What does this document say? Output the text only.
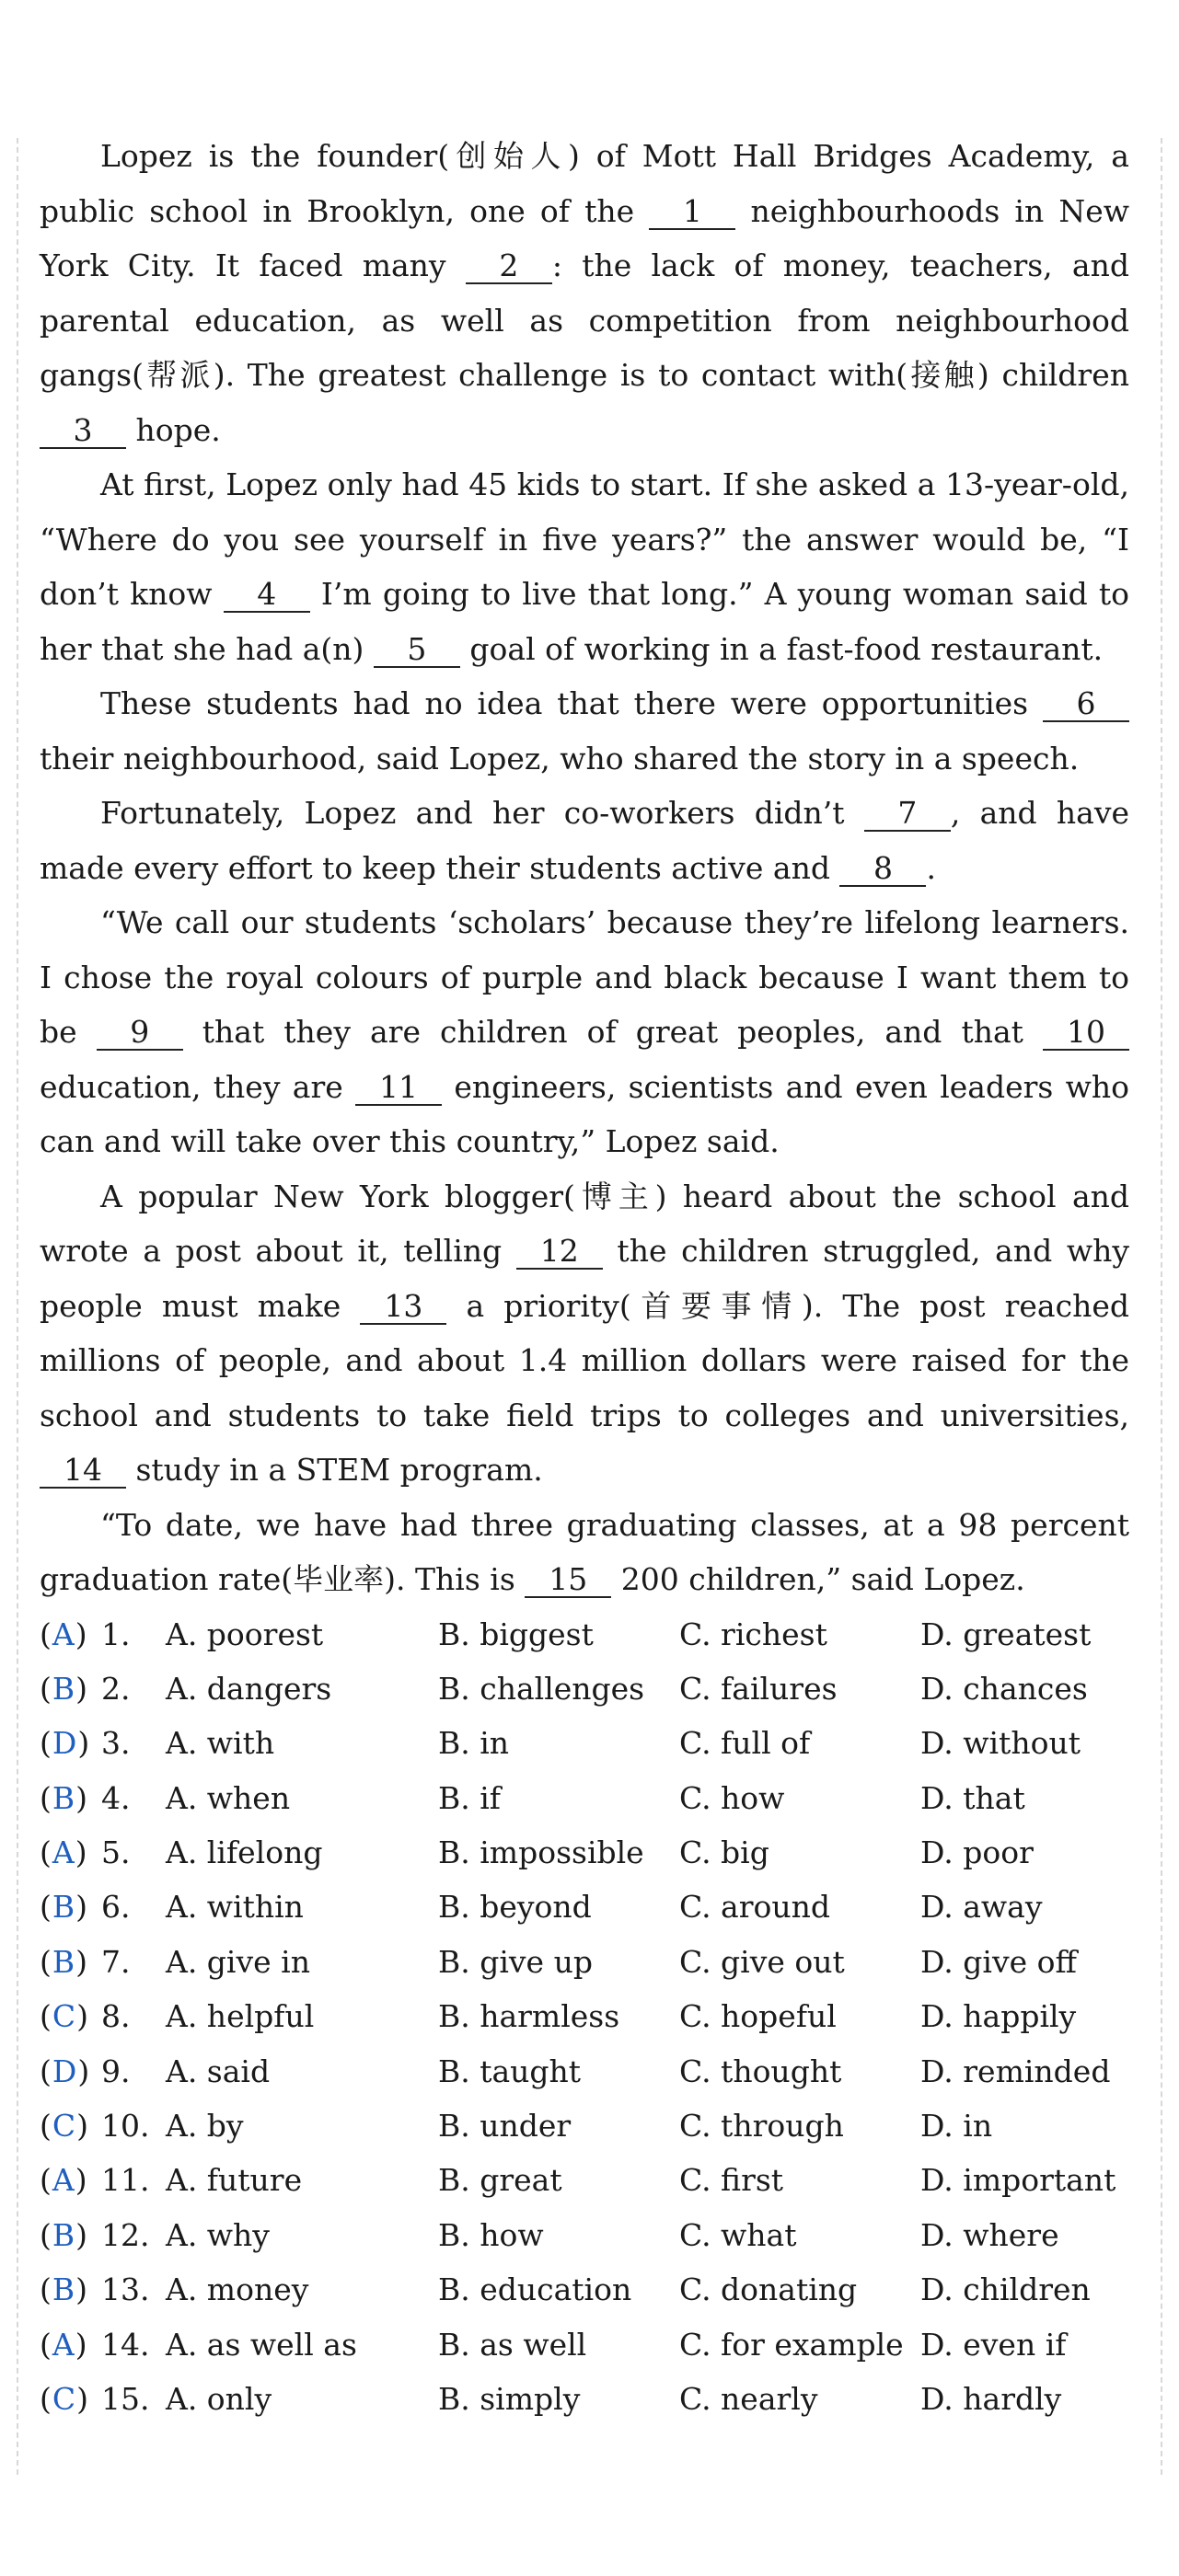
Lopez is the founder(创始人) of Mott Hall Bridges Academy, a public school in Brooklyn, one of the 1 neighbourhoods in New York City. It faced many 2 : the lack of money, teachers, and parental education, as well as competition from neighbourhood gangs(帮派). The greatest challenge is to contact with(接触) children 3 hope.

At first, Lopez only had 45 kids to start. If she asked a 13-year-old, “Where do you see yourself in five years?” the answer would be, “I don’t know 4 I’m going to live that long.” A young woman said to her that she had a(n) 5 goal of working in a fast-food restaurant.

These students had no idea that there were opportunities 6 their neighbourhood, said Lopez, who shared the story in a speech.

Fortunately, Lopez and her co-workers didn’t 7 , and have made every effort to keep their students active and 8 .

“We call our students ‘scholars’ because they’re lifelong learners. I chose the royal colours of purple and black because I want them to be 9 that they are children of great peoples, and that 10 education, they are 11 engineers, scientists and even leaders who can and will take over this country,” Lopez said.

A popular New York blogger(博主) heard about the school and wrote a post about it, telling 12 the children struggled, and why people must make 13 a priority(首要事情). The post reached millions of people, and about 1.4 million dollars were raised for the school and students to take field trips to colleges and universities, 14 study in a STEM program.

“To date, we have had three graduating classes, at a 98 percent graduation rate(毕业率). This is 15 200 children,” said Lopez.

(A) 1.	A. poorest	B. biggest	C. richest	D. greatest
(B) 2.	A. dangers	B. challenges	C. failures	D. chances
(D) 3.	A. with	B. in	C. full of	D. without
(B) 4.	A. when	B. if	C. how	D. that
(A) 5.	A. lifelong	B. impossible	C. big	D. poor
(B) 6.	A. within	B. beyond	C. around	D. away
(B) 7.	A. give in	B. give up	C. give out	D. give off
(C) 8.	A. helpful	B. harmless	C. hopeful	D. happily
(D) 9.	A. said	B. taught	C. thought	D. reminded
(C) 10. A. by	B. under	C. through	D. in
(A) 11. A. future	B. great	C. first	D. important
(B) 12. A. why	B. how	C. what	D. where
(B) 13. A. money	B. education	C. donating	D. children
(A) 14. A. as well as	B. as well	C. for example D. even if
(C) 15. A. only	B. simply	C. nearly	D. hardly
